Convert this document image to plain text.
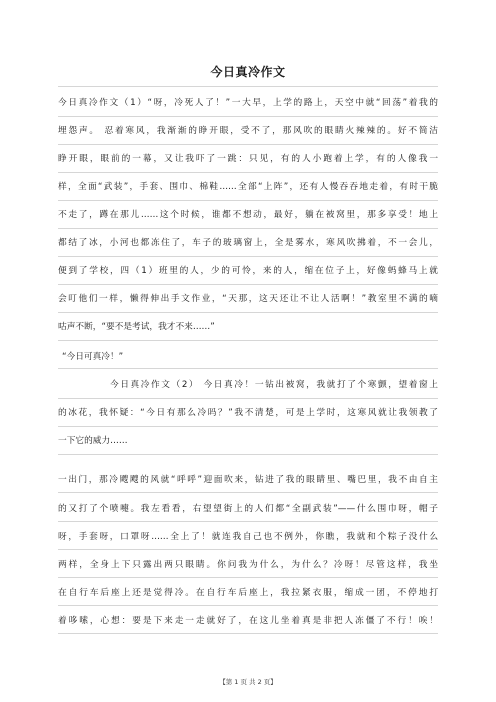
今日真冷作文
今日真冷作文（1）“呀，冷死人了！”一大早，上学的路上，天空中就“回荡”着我的
埋怨声。 忍着寒风，我渐渐的睁开眼，受不了，那风吹的眼睛火辣辣的。好不简洁
睁开眼，眼前的一幕，又让我吓了一跳：只见，有的人小跑着上学，有的人像我一
样，全面“武装”，手套、围巾、棉鞋……全部“上阵”，还有人慢吞吞地走着，有时干脆
不走了，蹲在那儿……这个时候，谁都不想动，最好，躺在被窝里，那多享受！地上
都结了冰，小河也都冻住了，车子的玻璃窗上，全是雾水，寒风吹拂着，不一会儿，
便到了学校，四（1）班里的人，少的可怜，来的人，缩在位子上，好像蚂蜂马上就
会叮他们一样，懒得伸出手文作业，“天那，这天还让不让人活啊！”教室里不满的嘀
咕声不断，“要不是考试，我才不来……”
“今日可真冷！”
今日真冷作文（2） 今日真冷！一钻出被窝，我就打了个寒颤，望着窗上
的冰花，我怀疑：“今日有那么冷吗？”我不清楚，可是上学时，这寒风就让我领教了
一下它的威力……
一出门，那冷飕飕的风就“呼呼”迎面吹来，钻进了我的眼睛里、嘴巴里，我不由自主
的又打了个喷嚏。我左看看，右望望街上的人们都“全副武装”——什么围巾呀，帽子
呀，手套呀，口罩呀……全上了！就连我自己也不例外，你瞧，我就和个粽子没什么
两样，全身上下只露出两只眼睛。你问我为什么，为什么？冷呀！尽管这样，我坐
在自行车后座上还是觉得冷。在自行车后座上，我拉紧衣服，缩成一团，不停地打
着哆嗦，心想：要是下来走一走就好了，在这儿坐着真是非把人冻僵了不行！唉！
【第 1 页 共 2 页】
